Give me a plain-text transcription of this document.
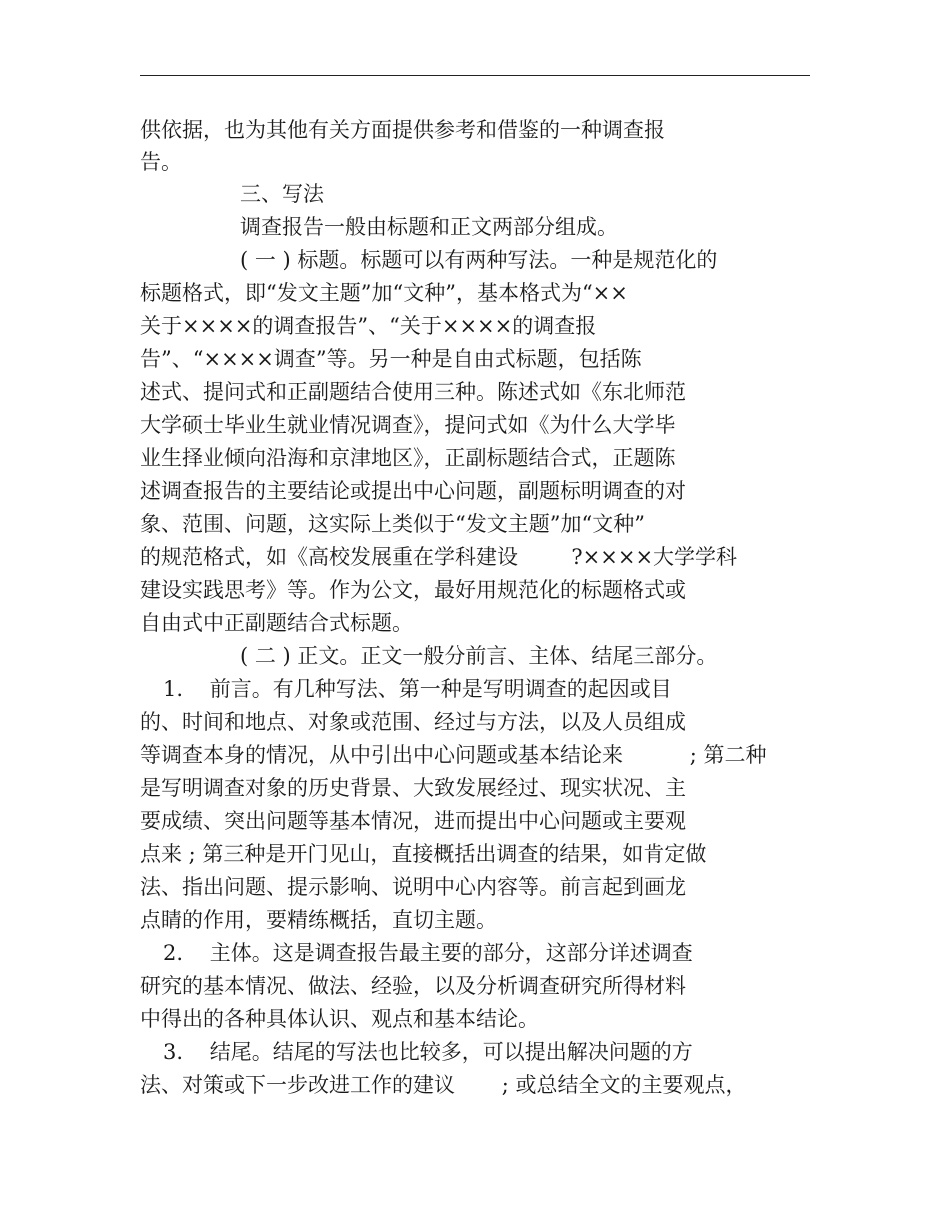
供依据，也为其他有关方面提供参考和借鉴的一种调查报
告。
三、写法
调查报告一般由标题和正文两部分组成。
( 一 ) 标题。标题可以有两种写法。一种是规范化的
标题格式，即“发文主题”加“文种”，基本格式为“××
关于××××的调查报告”、“关于××××的调查报
告”、“××××调查”等。另一种是自由式标题，包括陈
述式、提问式和正副题结合使用三种。陈述式如《东北师范
大学硕士毕业生就业情况调查》，提问式如《为什么大学毕
业生择业倾向沿海和京津地区》，正副标题结合式，正题陈
述调查报告的主要结论或提出中心问题，副题标明调查的对
象、范围、问题，这实际上类似于“发文主题”加“文种”
的规范格式，如《高校发展重在学科建设        ?××××大学学科
建设实践思考》等。作为公文，最好用规范化的标题格式或
自由式中正副题结合式标题。
( 二 ) 正文。正文一般分前言、主体、结尾三部分。
1.    前言。有几种写法、第一种是写明调查的起因或目
的、时间和地点、对象或范围、经过与方法，以及人员组成
等调查本身的情况，从中引出中心问题或基本结论来          ; 第二种
是写明调查对象的历史背景、大致发展经过、现实状况、主
要成绩、突出问题等基本情况，进而提出中心问题或主要观
点来 ; 第三种是开门见山，直接概括出调查的结果，如肯定做
法、指出问题、提示影响、说明中心内容等。前言起到画龙
点睛的作用，要精练概括，直切主题。
2.    主体。这是调查报告最主要的部分，这部分详述调查
研究的基本情况、做法、经验，以及分析调查研究所得材料
中得出的各种具体认识、观点和基本结论。
3.    结尾。结尾的写法也比较多，可以提出解决问题的方
法、对策或下一步改进工作的建议       ; 或总结全文的主要观点，
